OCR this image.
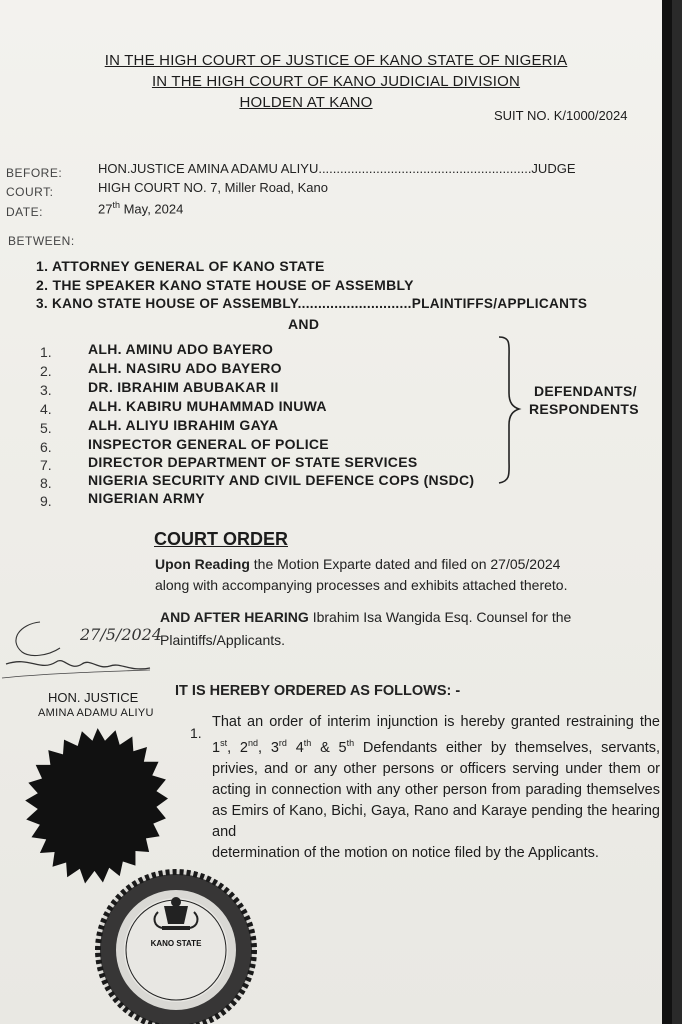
IN THE HIGH COURT OF JUSTICE OF KANO STATE OF NIGERIA
IN THE HIGH COURT OF KANO JUDICIAL DIVISION
HOLDEN AT KANO
SUIT NO. K/1000/2024
BEFORE:	HON.JUSTICE AMINA ADAMU ALIYU...........................................................JUDGE
COURT:	HIGH COURT NO. 7, Miller Road, Kano
DATE:	27th May, 2024
BETWEEN:
1. ATTORNEY GENERAL OF KANO STATE
2. THE SPEAKER KANO STATE HOUSE OF ASSEMBLY
3. KANO STATE HOUSE OF ASSEMBLY............................PLAINTIFFS/APPLICANTS
AND
1.	ALH. AMINU ADO BAYERO
2.	ALH. NASIRU ADO BAYERO
3.	DR. IBRAHIM ABUBAKAR II
4.	ALH. KABIRU MUHAMMAD INUWA
5.	ALH. ALIYU IBRAHIM GAYA
6.	INSPECTOR GENERAL OF POLICE
7.	DIRECTOR DEPARTMENT OF STATE SERVICES
8.	NIGERIA SECURITY AND CIVIL DEFENCE COPS (NSDC)
9.	NIGERIAN ARMY
DEFENDANTS/
RESPONDENTS
COURT ORDER
Upon Reading the Motion Exparte dated and filed on 27/05/2024
along with accompanying processes and exhibits attached thereto.
AND AFTER HEARING Ibrahim Isa Wangida Esq. Counsel for the
Plaintiffs/Applicants.
27/5/2024
HON. JUSTICE
AMINA ADAMU ALIYU
IT IS HEREBY ORDERED AS FOLLOWS: -
1.
That an order of interim injunction is hereby granted restraining the 1st, 2nd, 3rd 4th & 5th Defendants either by themselves, servants, privies, and or any other persons or officers serving under them or acting in connection with any other person from parading themselves as Emirs of Kano, Bichi, Gaya, Rano and Karaye pending the hearing and
determination of the motion on notice filed by the Applicants.
KANO STATE
